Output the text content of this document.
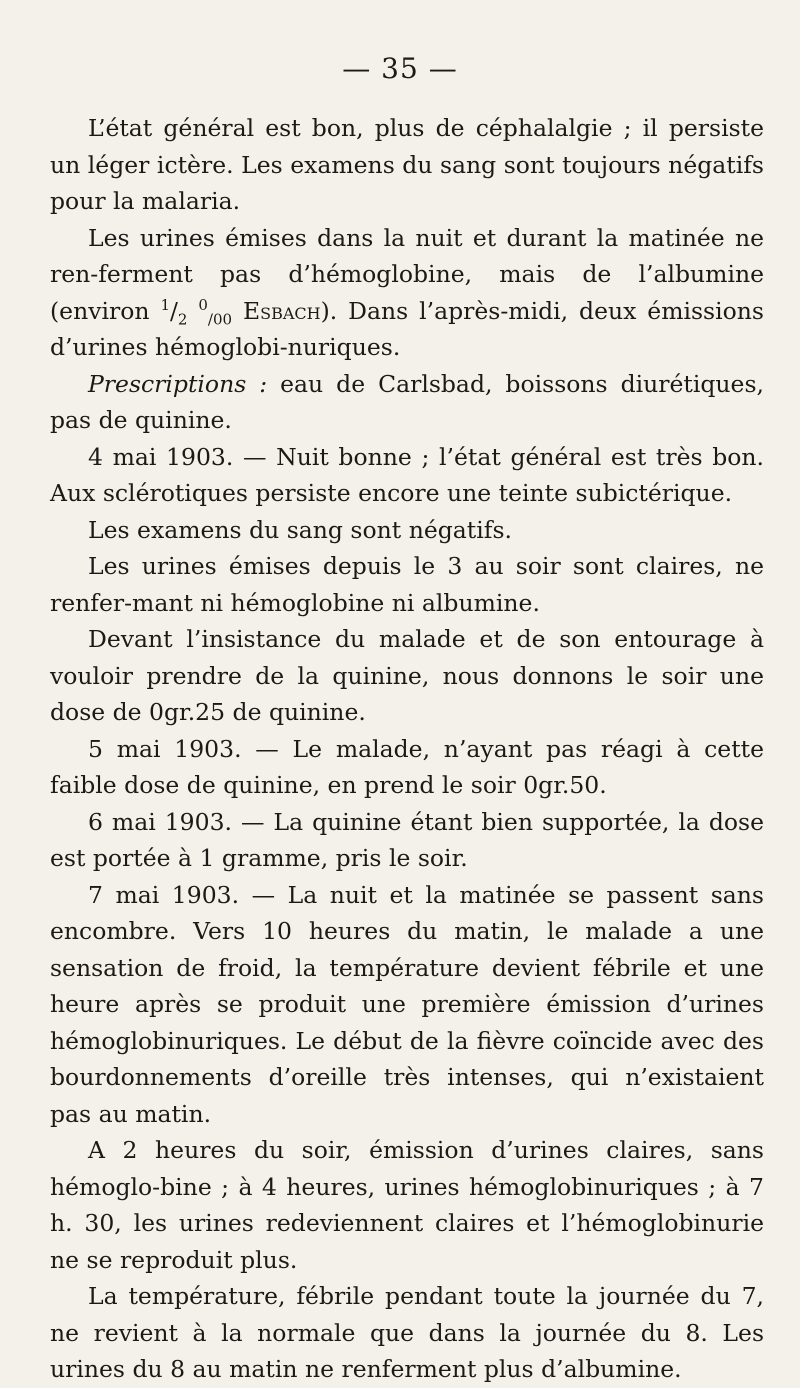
— 35 —

L’état général est bon, plus de céphalalgie ; il persiste un léger ictère. Les examens du sang sont toujours négatifs pour la malaria.

Les urines émises dans la nuit et durant la matinée ne ren-ferment pas d’hémoglobine, mais de l’albumine (environ $^1/_2$ $^0_{/00}$ Esbach). Dans l’après-midi, deux émissions d’urines hémoglobi-nuriques.

Prescriptions : eau de Carlsbad, boissons diurétiques, pas de quinine.

4 mai 1903. — Nuit bonne ; l’état général est très bon. Aux sclérotiques persiste encore une teinte subictérique.

Les examens du sang sont négatifs.

Les urines émises depuis le 3 au soir sont claires, ne renfer-mant ni hémoglobine ni albumine.

Devant l’insistance du malade et de son entourage à vouloir prendre de la quinine, nous donnons le soir une dose de 0gr.25 de quinine.

5 mai 1903. — Le malade, n’ayant pas réagi à cette faible dose de quinine, en prend le soir 0gr.50.

6 mai 1903. — La quinine étant bien supportée, la dose est portée à 1 gramme, pris le soir.

7 mai 1903. — La nuit et la matinée se passent sans encombre. Vers 10 heures du matin, le malade a une sensation de froid, la température devient fébrile et une heure après se produit une première émission d’urines hémoglobinuriques. Le début de la fièvre coïncide avec des bourdonnements d’oreille très intenses, qui n’existaient pas au matin.

A 2 heures du soir, émission d’urines claires, sans hémoglo-bine ; à 4 heures, urines hémoglobinuriques ; à 7 h. 30, les urines redeviennent claires et l’hémoglobinurie ne se reproduit plus.

La température, fébrile pendant toute la journée du 7, ne revient à la normale que dans la journée du 8. Les urines du 8 au matin ne renferment plus d’albumine.
